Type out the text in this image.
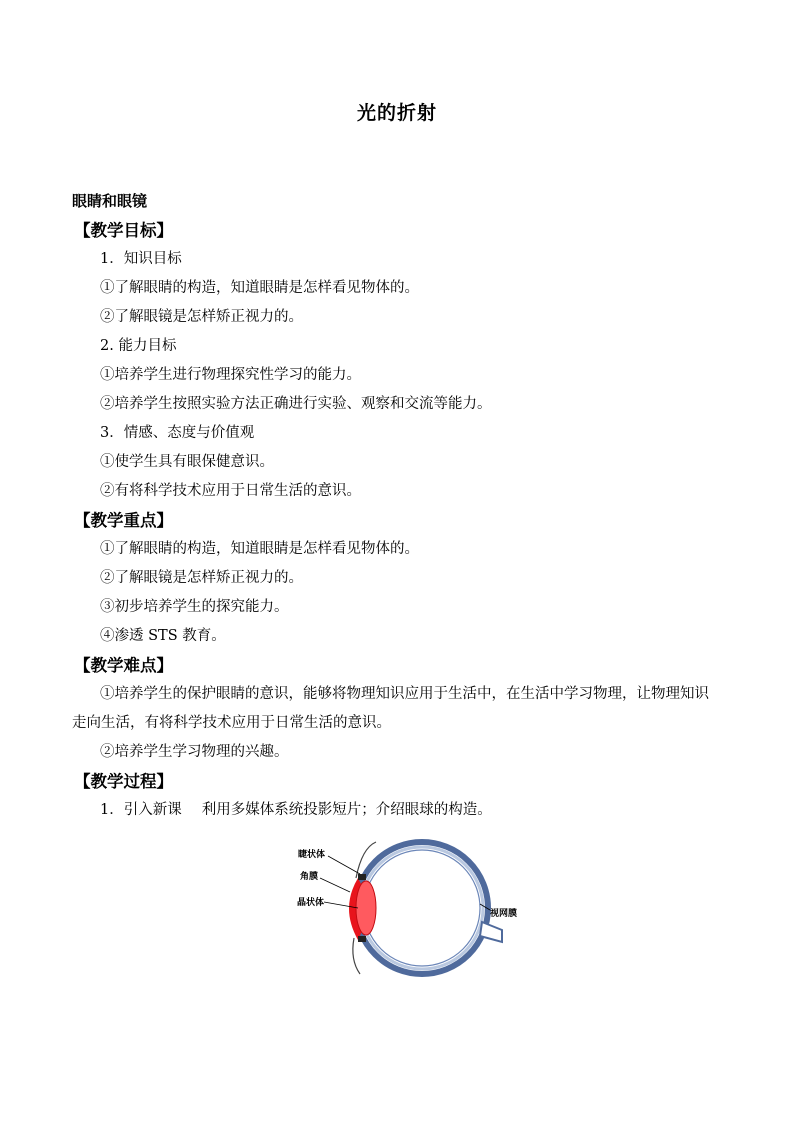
光的折射
眼睛和眼镜
【教学目标】
1．知识目标
①了解眼睛的构造，知道眼睛是怎样看见物体的。
②了解眼镜是怎样矫正视力的。
2. 能力目标
①培养学生进行物理探究性学习的能力。
②培养学生按照实验方法正确进行实验、观察和交流等能力。
3．情感、态度与价值观
①使学生具有眼保健意识。
②有将科学技术应用于日常生活的意识。
【教学重点】
①了解眼睛的构造，知道眼睛是怎样看见物体的。
②了解眼镜是怎样矫正视力的。
③初步培养学生的探究能力。
④渗透 STS 教育。
【教学难点】
①培养学生的保护眼睛的意识，能够将物理知识应用于生活中，在生活中学习物理，让物理知识走向生活，有将科学技术应用于日常生活的意识。
②培养学生学习物理的兴趣。
【教学过程】
1．引入新课 利用多媒体系统投影短片；介绍眼球的构造。
睫状体
角膜
晶状体
视网膜
